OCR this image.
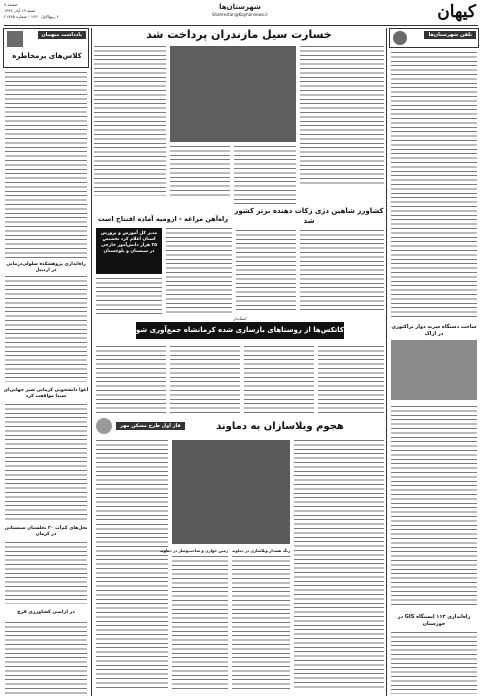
صفحه ۷
شنبه ۱۹ آبان ۱۳۹۷
۲ ربیع‌الاول ۱۴۴۰ - شماره ۲۱۷۴۵
شهرستان‌ها
Shahrestan@Kayhannews.ir	کیهان
یادداشت میهمان
کلاس‌های پرمخاطره
راه‌اندازی پژوهشکده سلولی‌درمانی در اردبیل
آغوا دانشجویی کرمانی شیر جهانی‌ای سیدا موافقت کرد
نخل‌های کم‌آب ۳۰ نخلستان سیستانی در کرمان
در اراضی کشاورزی قرچ
تلفن شهرستان‌ها
ساخت دستگاه سرند دوار تراکتوری در اراک
راه‌اندازی ۱۱۳ ایستگاه GIS در خوزستان
خسارت سیل مازندران پرداخت شد
کشاورز شاهین دژی زکات دهنده برتر کشور شد
راه‌آهن مراغه - ارومیه آماده افتتاح است
مدیر کل آموزش و پرورش استان اعلام کرد تخصیص ۲۵ هزار دانش‌آموز خارجی در سیستان و بلوچستان
استاندار
کاتکس‌ها از روستاهای بازسازی شده کرمانشاه جمع‌آوری شود
فاز اول طرح مسکن مهر	هجوم ویلاسازان به دماوند
رنگ هشدار ویلاسازی در دماوند
زمین خواری و ساخت‌وساز در دماوند
